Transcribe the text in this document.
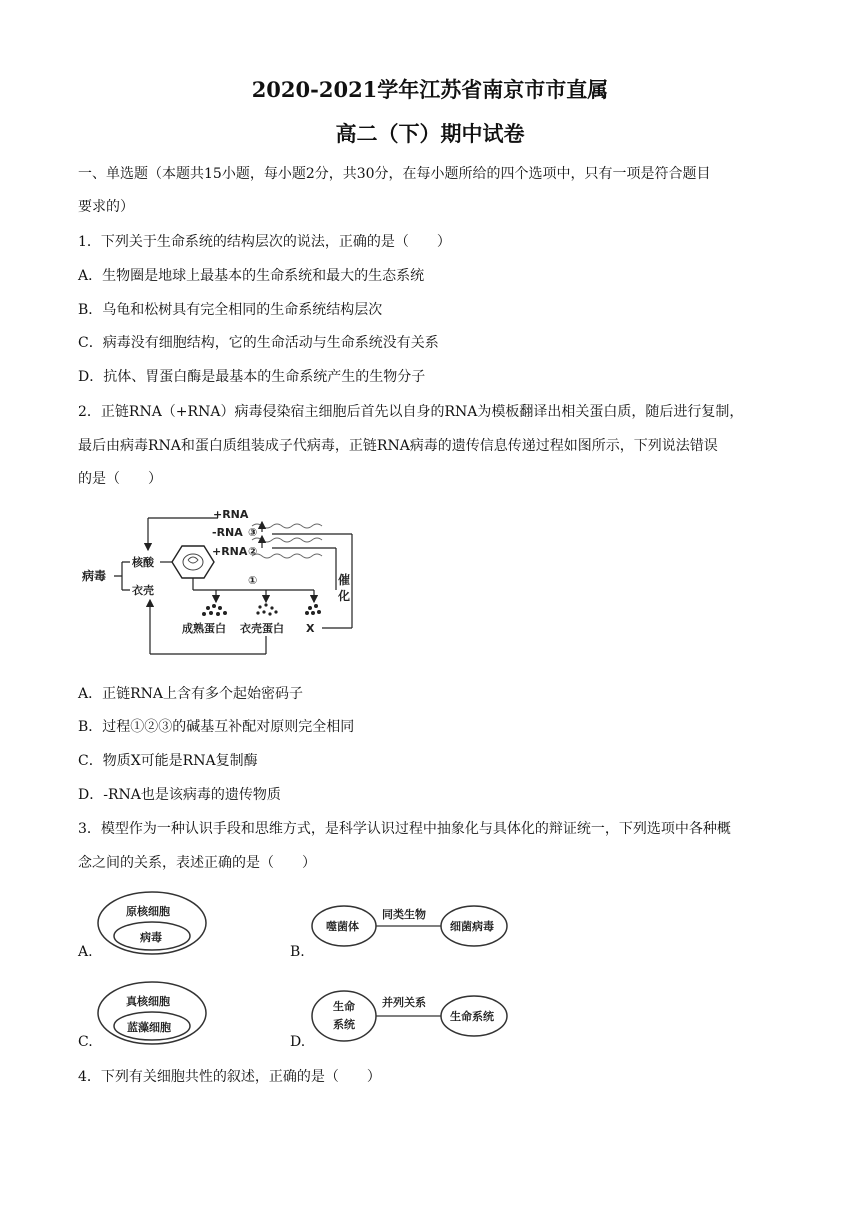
2020-2021学年江苏省南京市市直属
高二（下）期中试卷
一、单选题（本题共15小题，每小题2分，共30分，在每小题所给的四个选项中，只有一项是符合题目
要求的）
1．下列关于生命系统的结构层次的说法，正确的是（　　）
A．生物圈是地球上最基本的生命系统和最大的生态系统
B．乌龟和松树具有完全相同的生命系统结构层次
C．病毒没有细胞结构，它的生命活动与生命系统没有关系
D．抗体、胃蛋白酶是最基本的生命系统产生的生物分子
2．正链RNA（+RNA）病毒侵染宿主细胞后首先以自身的RNA为模板翻译出相关蛋白质，随后进行复制，
最后由病毒RNA和蛋白质组装成子代病毒，正链RNA病毒的遗传信息传递过程如图所示，下列说法错误
的是（　　）
病毒
核酸
衣壳
+RNA
-RNA ③
+RNA ②
催
化
①
成熟蛋白 衣壳蛋白 X
A．正链RNA上含有多个起始密码子
B．过程①②③的碱基互补配对原则完全相同
C．物质X可能是RNA复制酶
D．-RNA也是该病毒的遗传物质
3．模型作为一种认识手段和思维方式，是科学认识过程中抽象化与具体化的辩证统一，下列选项中各种概
念之间的关系，表述正确的是（　　）
原核细胞
病毒
A.
噬菌体
同类生物
细菌病毒
B.
真核细胞
蓝藻细胞
C.
生命
系统
并列关系
生命系统
D.
4．下列有关细胞共性的叙述，正确的是（　　）
